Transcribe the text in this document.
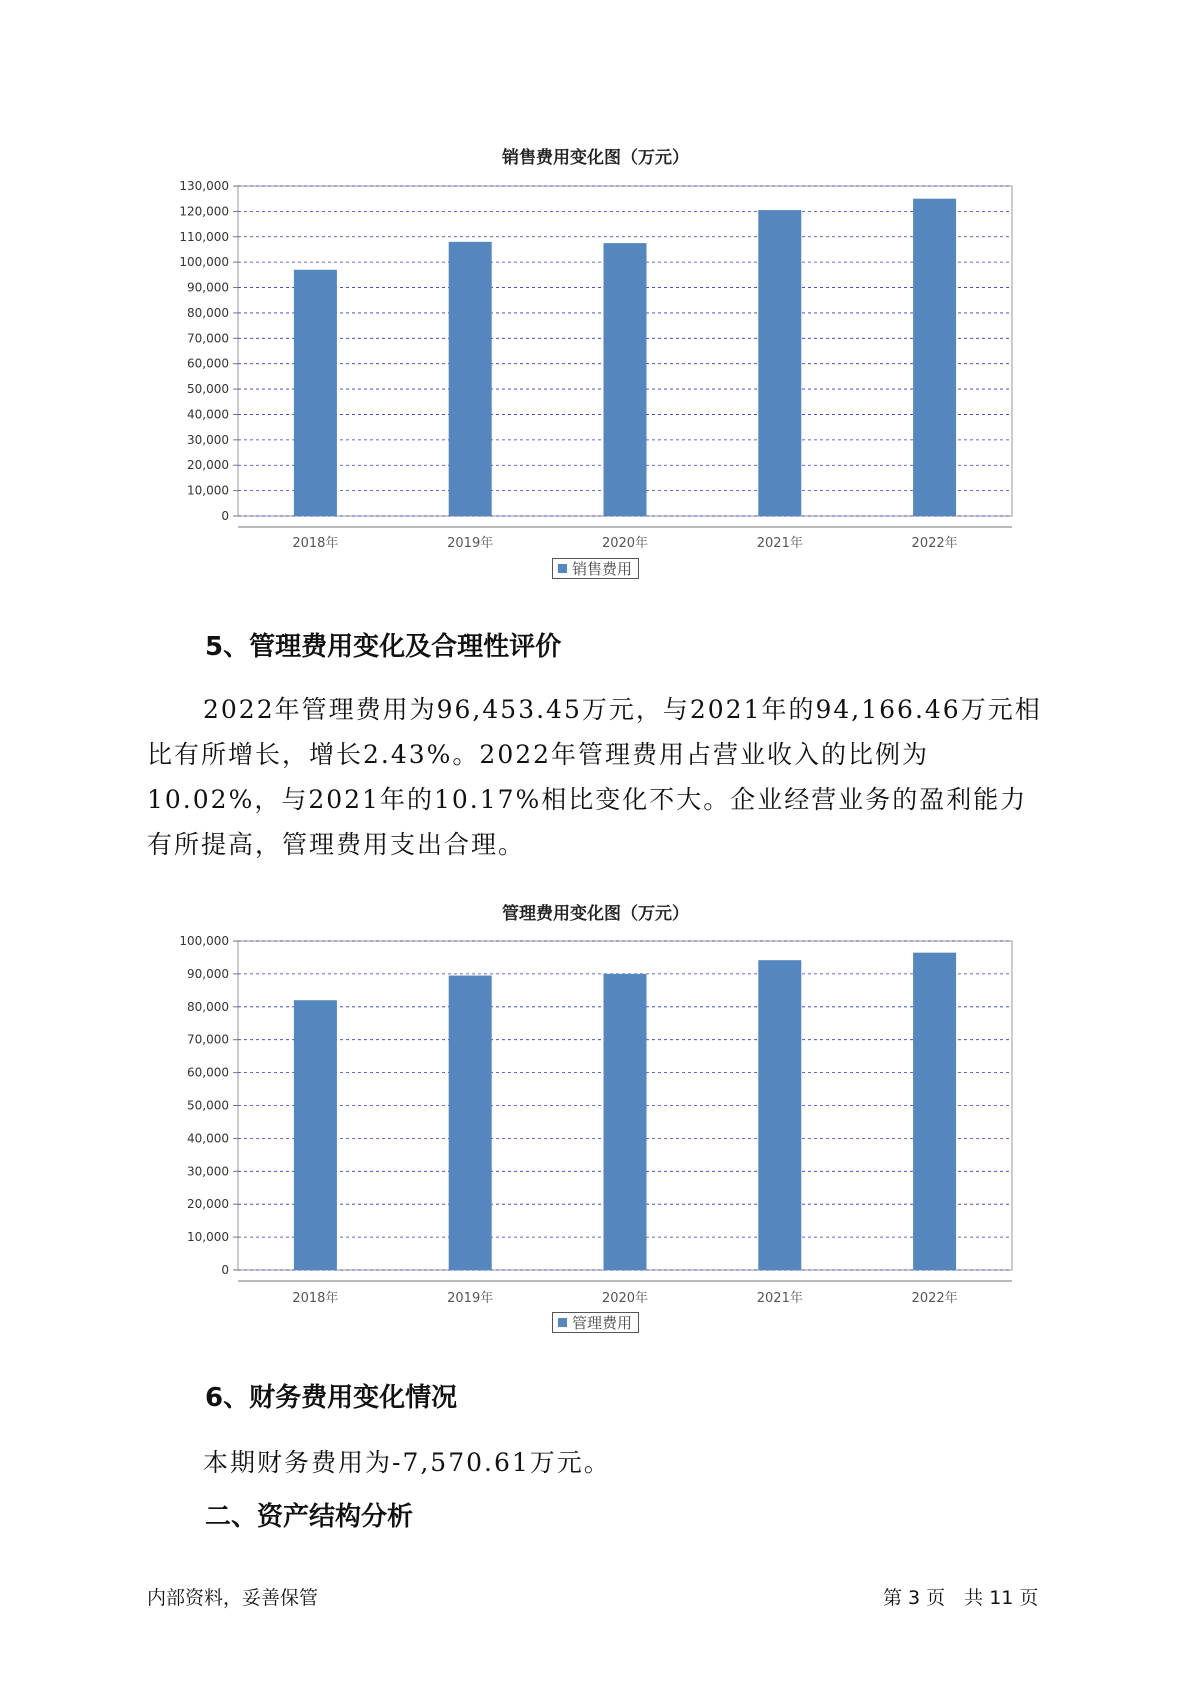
销售费用变化图（万元）
0
10,000
20,000
30,000
40,000
50,000
60,000
70,000
80,000
90,000
100,000
110,000
120,000
130,000
2018年	2019年	2020年	2021年	2022年
销售费用
5、管理费用变化及合理性评价

2022年管理费用为96,453.45万元，与2021年的94,166.46万元相比有所增长，增长2.43%。2022年管理费用占营业收入的比例为10.02%，与2021年的10.17%相比变化不大。企业经营业务的盈利能力有所提高，管理费用支出合理。

管理费用变化图（万元）
0
10,000
20,000
30,000
40,000
50,000
60,000
70,000
80,000
90,000
100,000
2018年	2019年	2020年	2021年	2022年
管理费用
6、财务费用变化情况

本期财务费用为-7,570.61万元。

二、资产结构分析
内部资料，妥善保管	第 3 页　共 11 页
